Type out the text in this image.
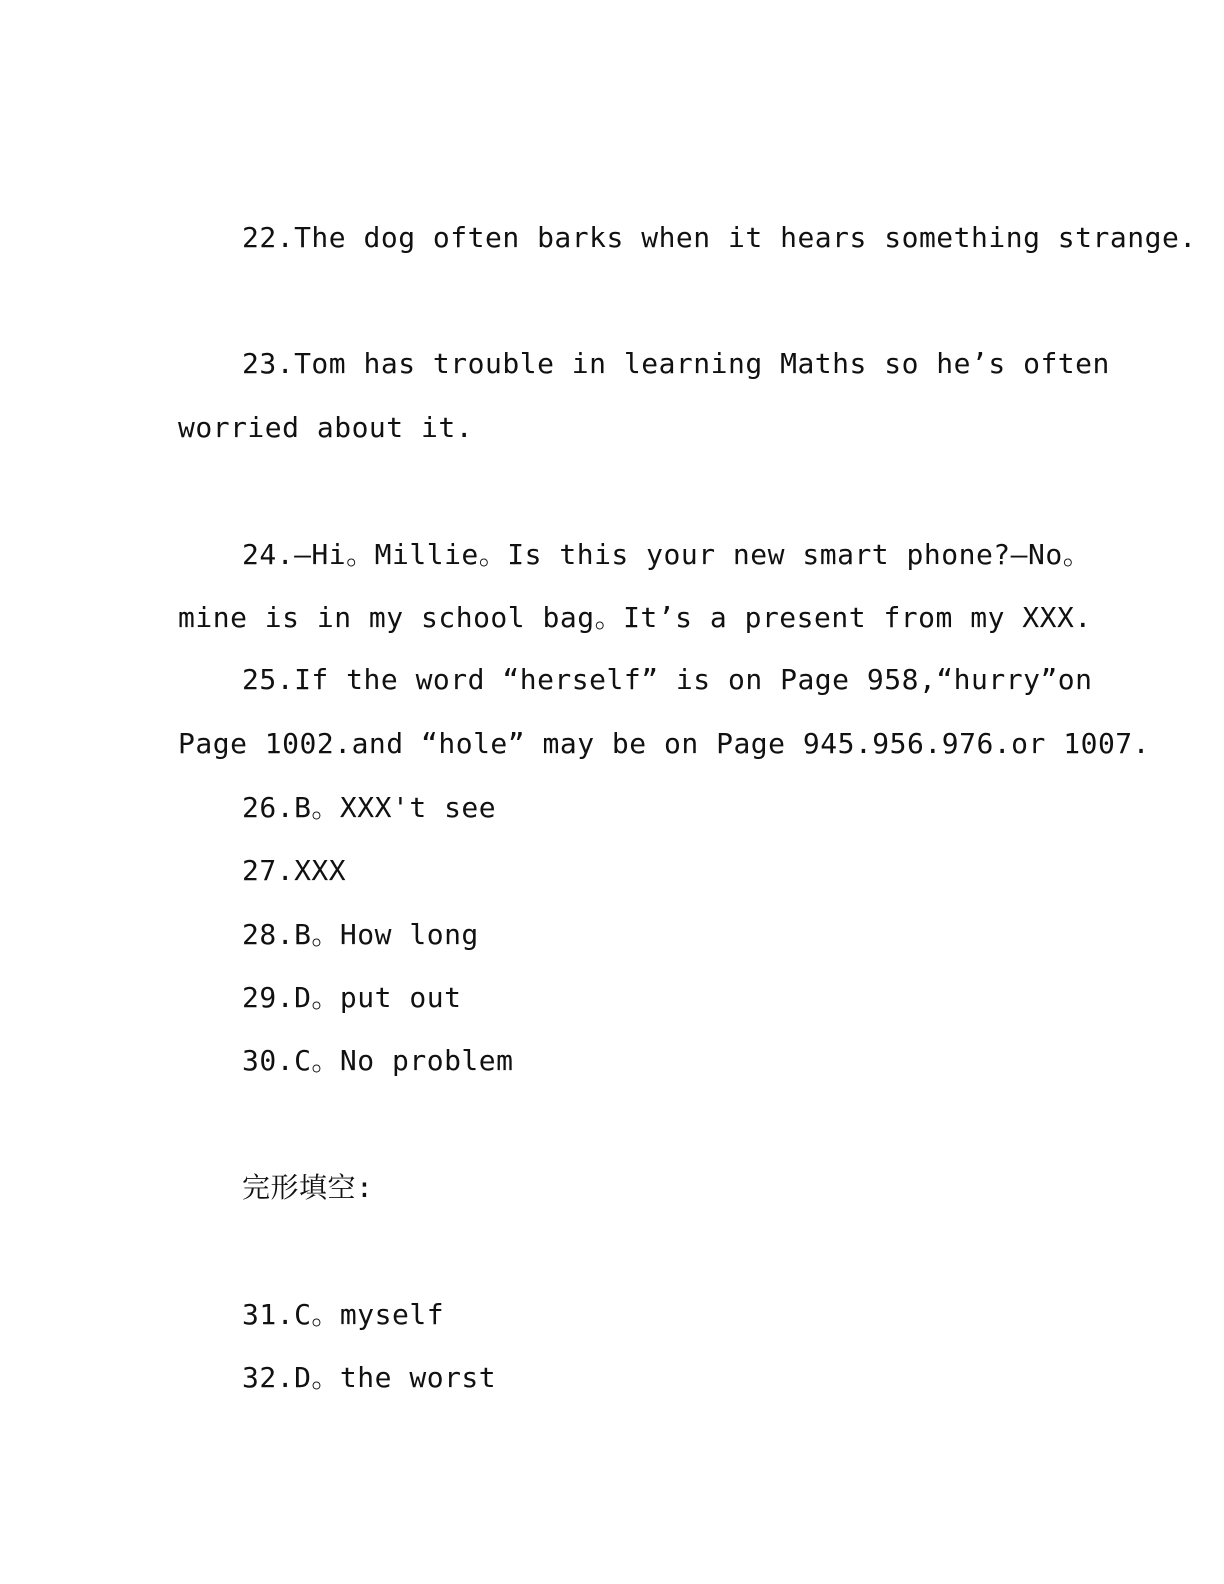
22.The dog often barks when it hears something strange.
23.Tom has trouble in learning Maths so he’s often
worried about it.
24.—Hi。Millie。Is this your new smart phone?—No。
mine is in my school bag。It’s a present from my XXX.
25.If the word “herself” is on Page 958,“hurry”on
Page 1002.and “hole” may be on Page 945.956.976.or 1007.
26.B。XXX't see
27.XXX
28.B。How long
29.D。put out
30.C。No problem
完形填空:
31.C。myself
32.D。the worst
